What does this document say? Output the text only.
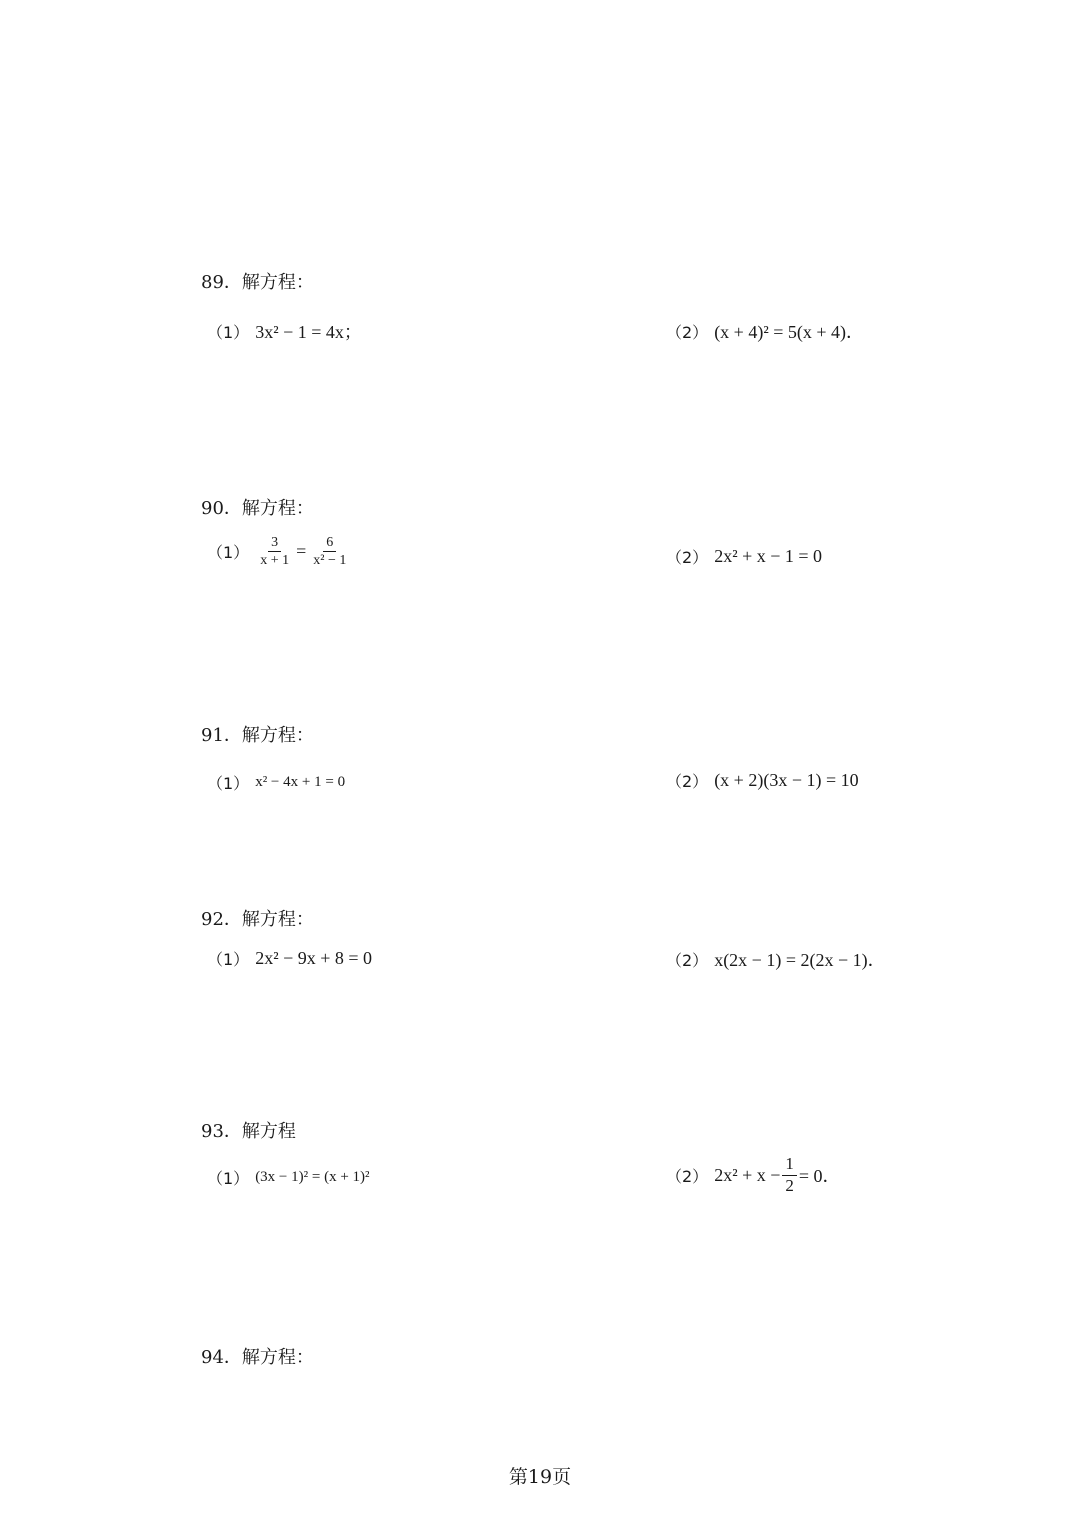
89．解方程：
（1） 3x² − 1 = 4x；	（2） (x + 4)² = 5(x + 4)．
90．解方程：
$(1) \frac{3}{x + 1} = \frac{6}{\text{x² − 1}}$	（2） 2x² + x − 1 = 0
91．解方程：
（1） x² − 4x + 1 = 0	（2） (x + 2)(3x − 1) = 10
92．解方程：
（1） 2x² − 9x + 8 = 0	（2） x(2x − 1) = 2(2x − 1)．
93．解方程
（1） (3x − 1)² = (x + 1)²	（2） $2x^2 + x - \frac{1}{2} = 0$．
94．解方程：
第19页
